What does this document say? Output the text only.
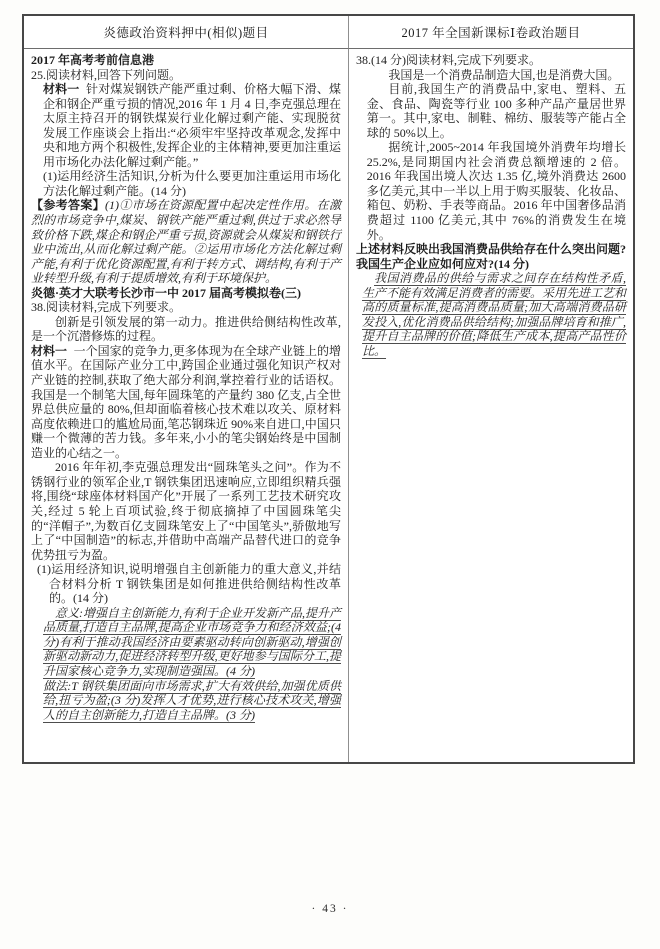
炎德政治资料押中(相似)题目	2017 年全国新课标Ⅰ卷政治题目

2017 年高考考前信息港

25.阅读材料,回答下列问题。

材料一 针对煤炭钢铁产能严重过剩、价格大幅下滑、煤企和钢企严重亏损的情况,2016 年 1 月 4 日,李克强总理在太原主持召开的钢铁煤炭行业化解过剩产能、实现脱贫发展工作座谈会上指出:“必须牢牢坚持改革观念,发挥中央和地方两个积极性,发挥企业的主体精神,要更加注重运用市场化办法化解过剩产能。”

(1)运用经济生活知识,分析为什么要更加注重运用市场化方法化解过剩产能。(14 分)

【参考答案】(1)①市场在资源配置中起决定性作用。在激烈的市场竞争中,煤炭、钢铁产能严重过剩,供过于求必然导致价格下跌,煤企和钢企严重亏损,资源就会从煤炭和钢铁行业中流出,从而化解过剩产能。②运用市场化方法化解过剩产能,有利于优化资源配置,有利于转方式、调结构,有利于产业转型升级,有利于提质增效,有利于环境保护。

炎德·英才大联考长沙市一中 2017 届高考模拟卷(三)

38.阅读材料,完成下列要求。

创新是引领发展的第一动力。推进供给侧结构性改革,是一个沉潜修炼的过程。

材料一 一个国家的竞争力,更多体现为在全球产业链上的增值水平。在国际产业分工中,跨国企业通过强化知识产权对产业链的控制,获取了绝大部分利润,掌控着行业的话语权。我国是一个制笔大国,每年圆珠笔的产量约 380 亿支,占全世界总供应量的 80%,但却面临着核心技术难以攻关、原材料高度依赖进口的尴尬局面,笔芯钢珠近 90%来自进口,中国只赚一个微薄的苦力钱。多年来,小小的笔尖钢始终是中国制造业的心结之一。

2016 年年初,李克强总理发出“圆珠笔头之问”。作为不锈钢行业的领军企业,T 钢铁集团迅速响应,立即组织精兵强将,围绕“球座体材料国产化”开展了一系列工艺技术研究攻关,经过 5 轮上百项试验,终于彻底摘掉了中国圆珠笔尖的“洋帽子”,为数百亿支圆珠笔安上了“中国笔头”,骄傲地写上了“中国制造”的标志,并借助中高端产品替代进口的竞争优势扭亏为盈。

(1)运用经济知识,说明增强自主创新能力的重大意义,并结合材料分析 T 钢铁集团是如何推进供给侧结构性改革的。(14 分)

意义:增强自主创新能力,有利于企业开发新产品,提升产品质量,打造自主品牌,提高企业市场竞争力和经济效益;(4 分)有利于推动我国经济由要素驱动转向创新驱动,增强创新驱动新动力,促进经济转型升级,更好地参与国际分工,提升国家核心竞争力,实现制造强国。(4 分)

做法:T 钢铁集团面向市场需求,扩大有效供给,加强优质供给,扭亏为盈;(3 分)发挥人才优势,进行核心技术攻关,增强人的自主创新能力,打造自主品牌。(3 分)

38.(14 分)阅读材料,完成下列要求。

我国是一个消费品制造大国,也是消费大国。

目前,我国生产的消费品中,家电、塑料、五金、食品、陶瓷等行业 100 多种产品产量居世界第一。其中,家电、制鞋、棉纺、服装等产能占全球的 50%以上。

据统计,2005~2014 年我国境外消费年均增长 25.2%,是同期国内社会消费总额增速的 2 倍。2016 年我国出境人次达 1.35 亿,境外消费达 2600 多亿美元,其中一半以上用于购买服装、化妆品、箱包、奶粉、手表等商品。2016 年中国奢侈品消费超过 1100 亿美元,其中 76%的消费发生在境外。

上述材料反映出我国消费品供给存在什么突出问题?我国生产企业应如何应对?(14 分)

我国消费品的供给与需求之间存在结构性矛盾,生产不能有效满足消费者的需要。采用先进工艺和高的质量标准,提高消费品质量;加大高端消费品研发投入,优化消费品供给结构;加强品牌培育和推广,提升自主品牌的价值;降低生产成本,提高产品性价比。

· 43 ·
